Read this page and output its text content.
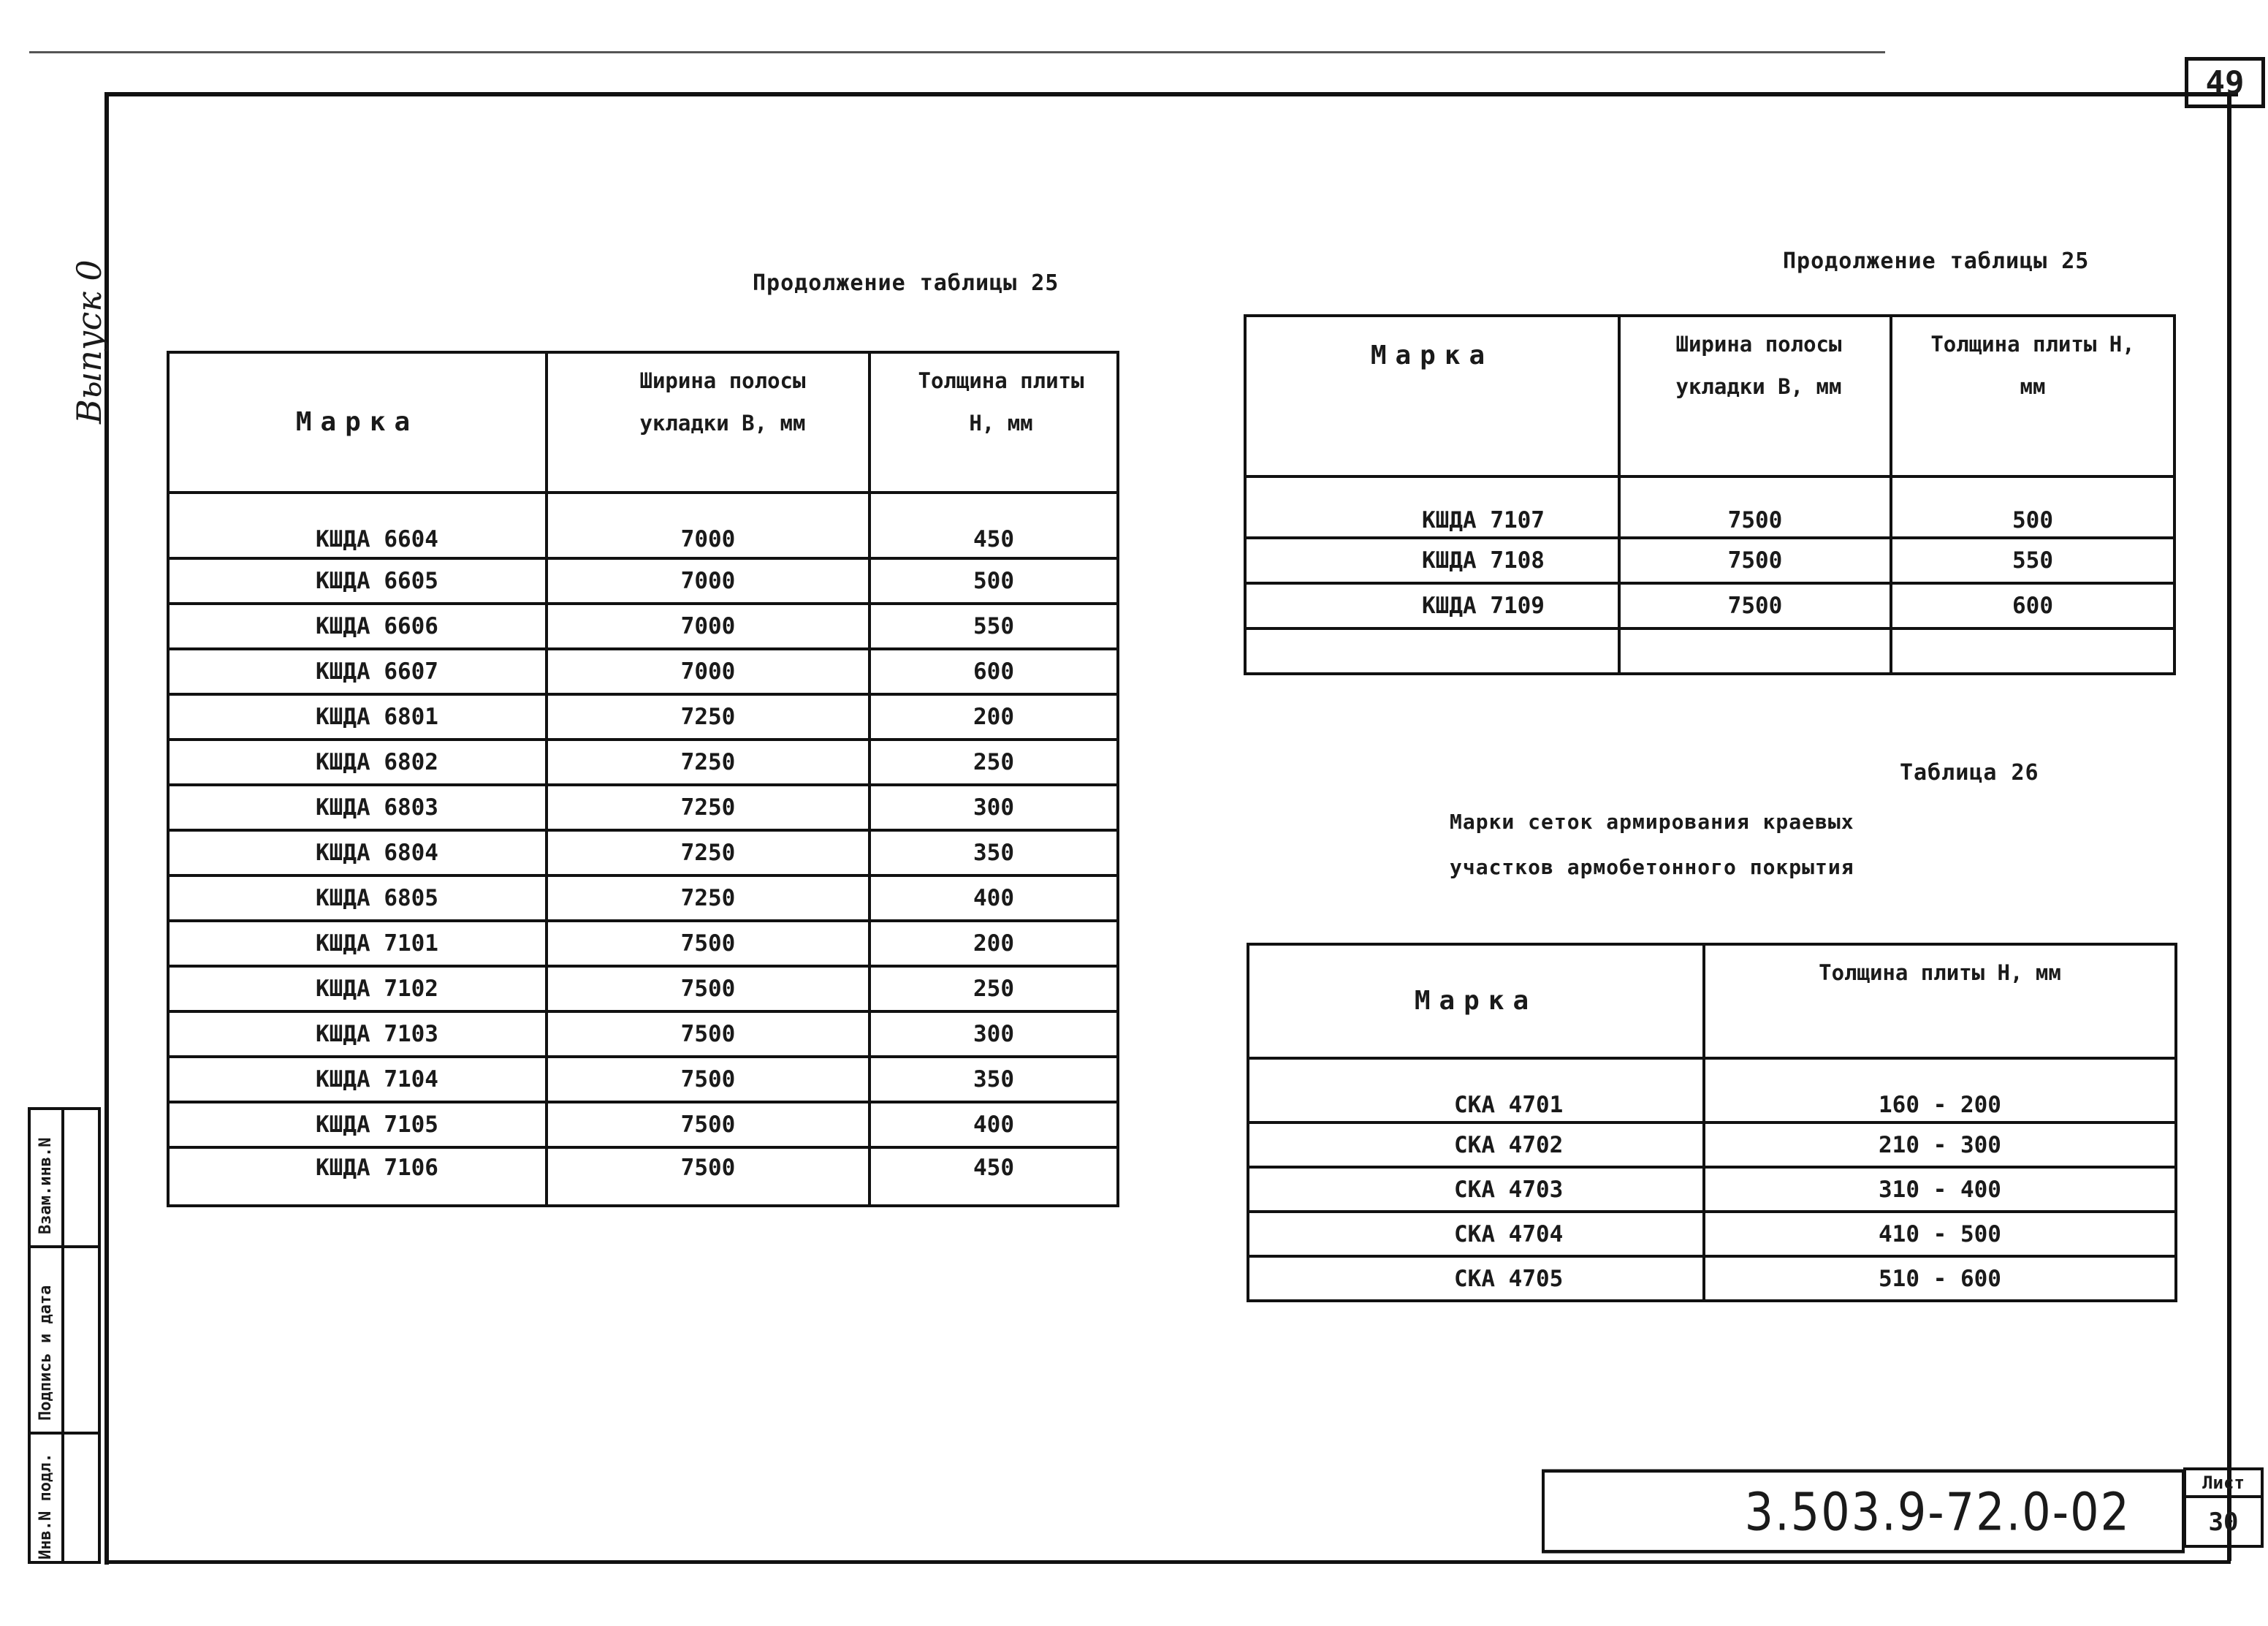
49
Выпуск 0
Взам.инв.N
Подпись и дата
Инв.N подл.
Продолжение таблицы 25
Марка	Ширина полосы укладки В, мм	Толщина плиты Н, мм
КШДА 6604	7000	450
КШДА 6605	7000	500
КШДА 6606	7000	550
КШДА 6607	7000	600
КШДА 6801	7250	200
КШДА 6802	7250	250
КШДА 6803	7250	300
КШДА 6804	7250	350
КШДА 6805	7250	400
КШДА 7101	7500	200
КШДА 7102	7500	250
КШДА 7103	7500	300
КШДА 7104	7500	350
КШДА 7105	7500	400
КШДА 7106	7500	450
Продолжение таблицы 25
Марка	Ширина полосы укладки В, мм	Толщина плиты Н, мм
КШДА 7107	7500	500
КШДА 7108	7500	550
КШДА 7109	7500	600

Таблица 26
Марки сеток армирования краевых
участков армобетонного покрытия
Марка	Толщина плиты Н, мм
СКА 4701	160 - 200
СКА 4702	210 - 300
СКА 4703	310 - 400
СКА 4704	410 - 500
СКА 4705	510 - 600
3.503.9-72.0-02	Лист
30
